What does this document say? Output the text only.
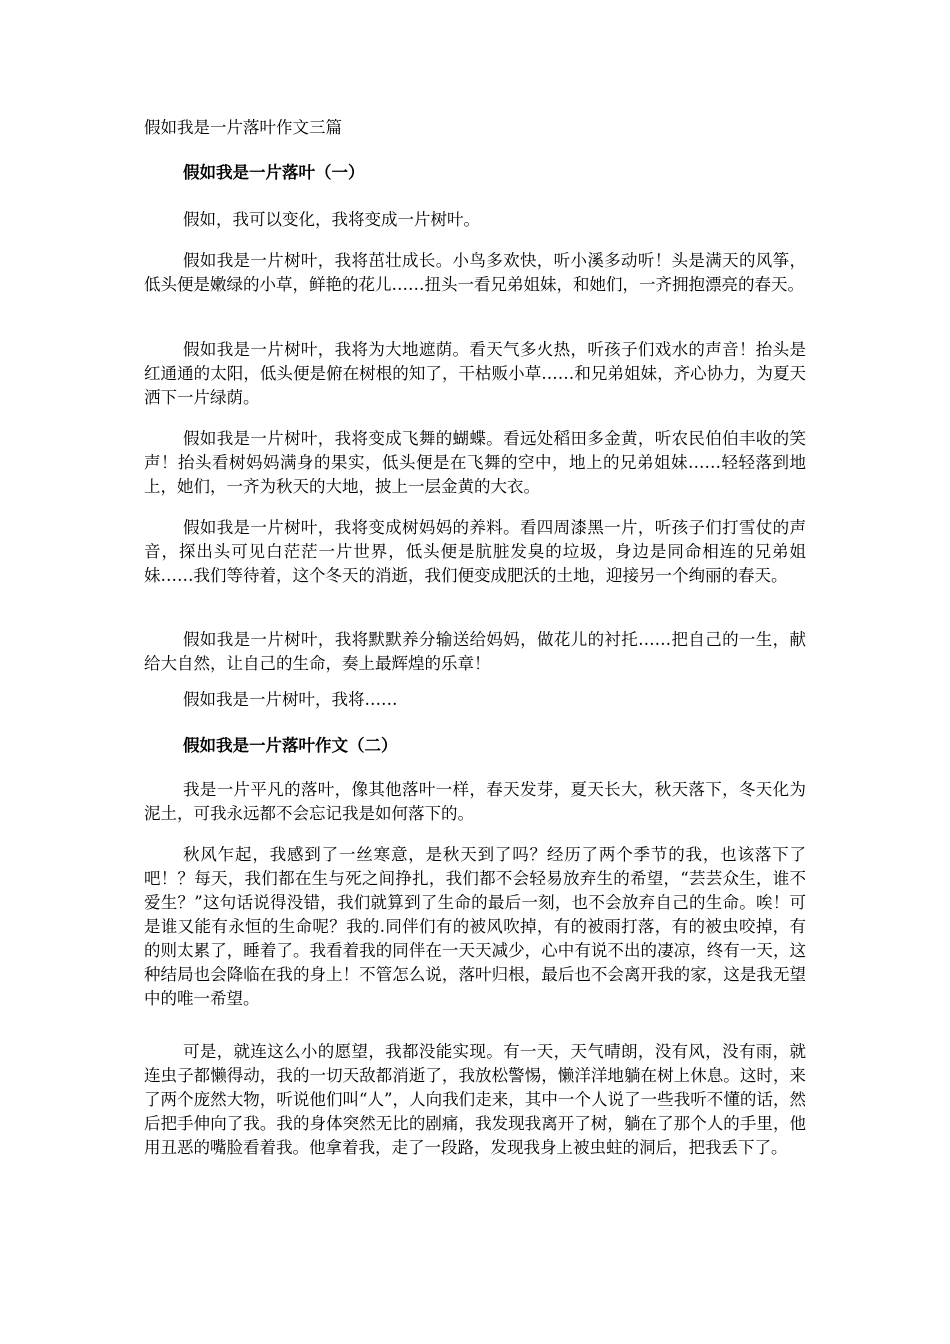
假如我是一片落叶作文三篇

假如我是一片落叶（一）

假如，我可以变化，我将变成一片树叶。

假如我是一片树叶，我将茁壮成长。小鸟多欢快，听小溪多动听！头是满天的风筝，低头便是嫩绿的小草，鲜艳的花儿……扭头一看兄弟姐妹，和她们，一齐拥抱漂亮的春天。

假如我是一片树叶，我将为大地遮荫。看天气多火热，听孩子们戏水的声音！抬头是红通通的太阳，低头便是俯在树根的知了，干枯贩小草……和兄弟姐妹，齐心协力，为夏天洒下一片绿荫。

假如我是一片树叶，我将变成飞舞的蝴蝶。看远处稻田多金黄，听农民伯伯丰收的笑声！抬头看树妈妈满身的果实，低头便是在飞舞的空中，地上的兄弟姐妹……轻轻落到地上，她们，一齐为秋天的大地，披上一层金黄的大衣。

假如我是一片树叶，我将变成树妈妈的养料。看四周漆黑一片，听孩子们打雪仗的声音，探出头可见白茫茫一片世界，低头便是肮脏发臭的垃圾，身边是同命相连的兄弟姐妹……我们等待着，这个冬天的消逝，我们便变成肥沃的土地，迎接另一个绚丽的春天。

假如我是一片树叶，我将默默养分输送给妈妈，做花儿的衬托……把自己的一生，献给大自然，让自己的生命，奏上最辉煌的乐章！

假如我是一片树叶，我将……

假如我是一片落叶作文（二）

我是一片平凡的落叶，像其他落叶一样，春天发芽，夏天长大，秋天落下，冬天化为泥土，可我永远都不会忘记我是如何落下的。

秋风乍起，我感到了一丝寒意，是秋天到了吗？经历了两个季节的我，也该落下了吧！？每天，我们都在生与死之间挣扎，我们都不会轻易放弃生的希望，“芸芸众生，谁不爱生？”这句话说得没错，我们就算到了生命的最后一刻，也不会放弃自己的生命。唉！可是谁又能有永恒的生命呢？我的.同伴们有的被风吹掉，有的被雨打落，有的被虫咬掉，有的则太累了，睡着了。我看着我的同伴在一天天减少，心中有说不出的凄凉，终有一天，这种结局也会降临在我的身上！不管怎么说，落叶归根，最后也不会离开我的家，这是我无望中的唯一希望。

可是，就连这么小的愿望，我都没能实现。有一天，天气晴朗，没有风，没有雨，就连虫子都懒得动，我的一切天敌都消逝了，我放松警惕，懒洋洋地躺在树上休息。这时，来了两个庞然大物，听说他们叫“人”，人向我们走来，其中一个人说了一些我听不懂的话，然后把手伸向了我。我的身体突然无比的剧痛，我发现我离开了树，躺在了那个人的手里，他用丑恶的嘴脸看着我。他拿着我，走了一段路，发现我身上被虫蛀的洞后，把我丢下了。
